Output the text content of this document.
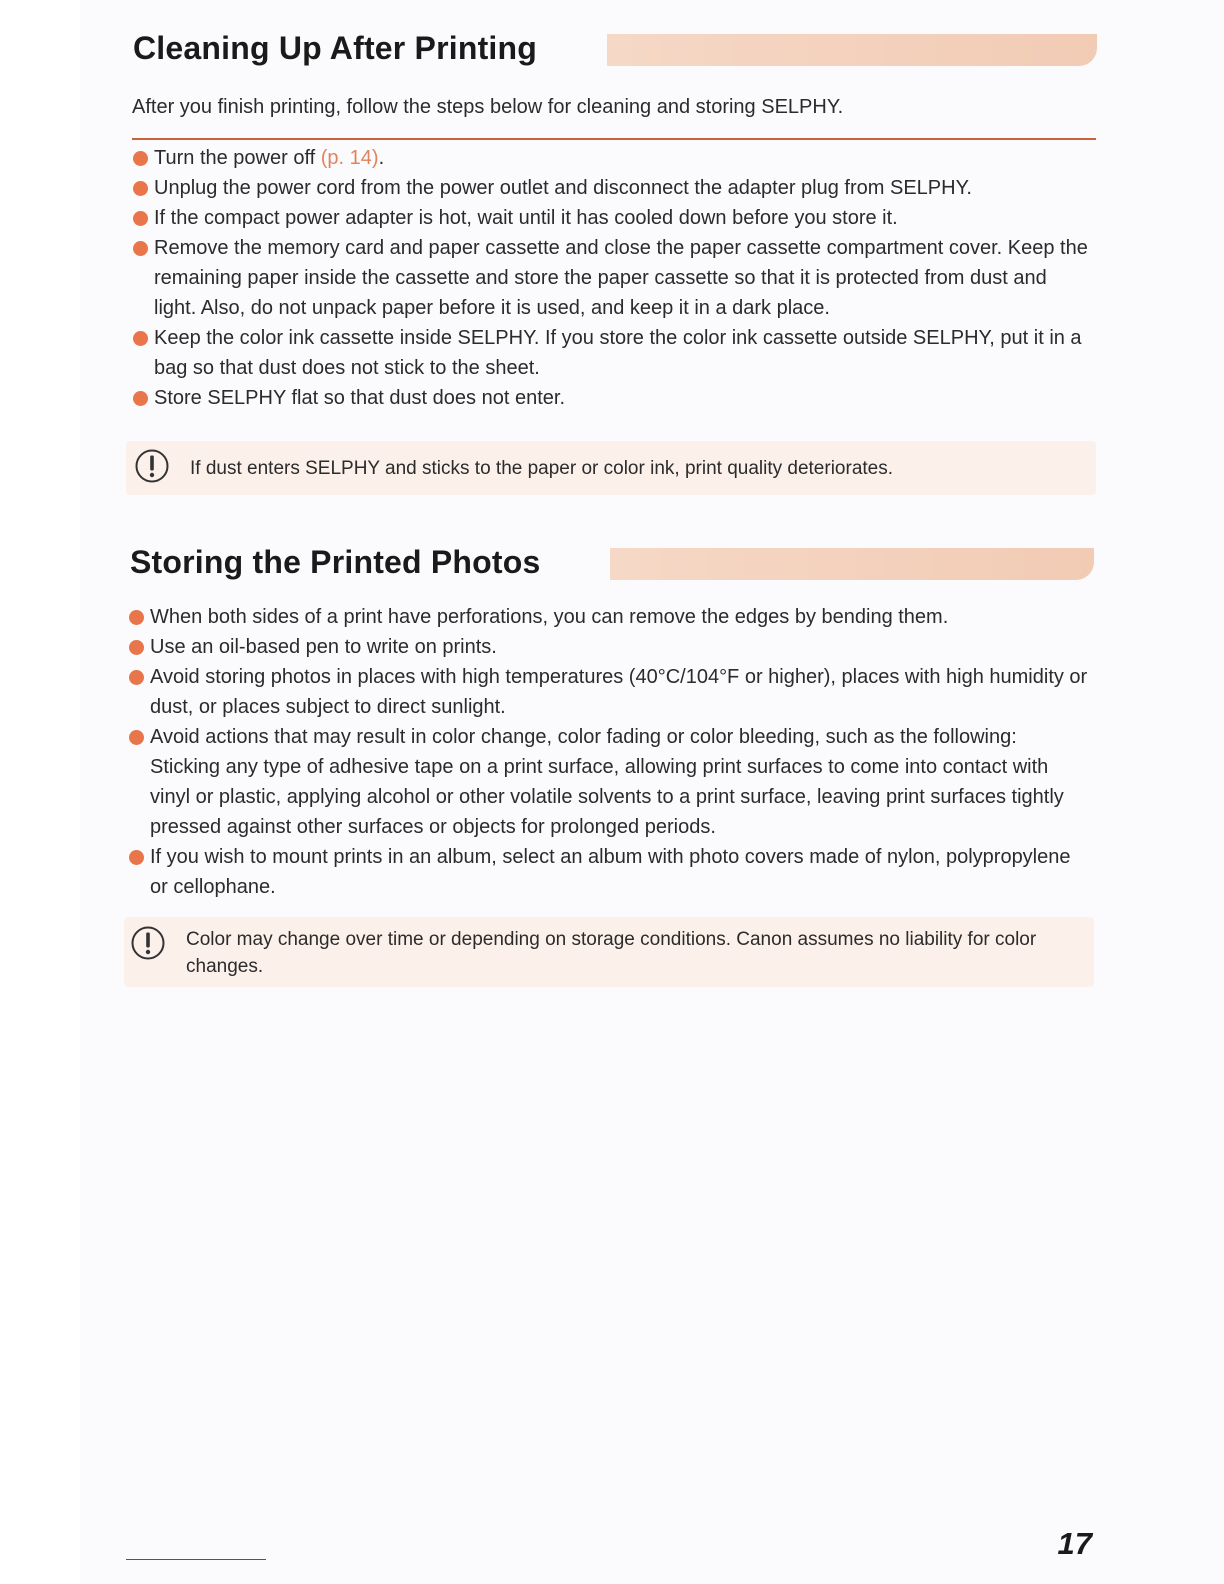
Cleaning Up After Printing
After you finish printing, follow the steps below for cleaning and storing SELPHY.
Turn the power off (p. 14).
Unplug the power cord from the power outlet and disconnect the adapter plug from SELPHY.
If the compact power adapter is hot, wait until it has cooled down before you store it.
Remove the memory card and paper cassette and close the paper cassette compartment cover. Keep the remaining paper inside the cassette and store the paper cassette so that it is protected from dust and light. Also, do not unpack paper before it is used, and keep it in a dark place.
Keep the color ink cassette inside SELPHY. If you store the color ink cassette outside SELPHY, put it in a bag so that dust does not stick to the sheet.
Store SELPHY flat so that dust does not enter.
If dust enters SELPHY and sticks to the paper or color ink, print quality deteriorates.
Storing the Printed Photos
When both sides of a print have perforations, you can remove the edges by bending them.
Use an oil-based pen to write on prints.
Avoid storing photos in places with high temperatures (40°C/104°F or higher), places with high humidity or dust, or places subject to direct sunlight.
Avoid actions that may result in color change, color fading or color bleeding, such as the following: Sticking any type of adhesive tape on a print surface, allowing print surfaces to come into contact with vinyl or plastic, applying alcohol or other volatile solvents to a print surface, leaving print surfaces tightly pressed against other surfaces or objects for prolonged periods.
If you wish to mount prints in an album, select an album with photo covers made of nylon, polypropylene or cellophane.
Color may change over time or depending on storage conditions. Canon assumes no liability for color changes.
17
